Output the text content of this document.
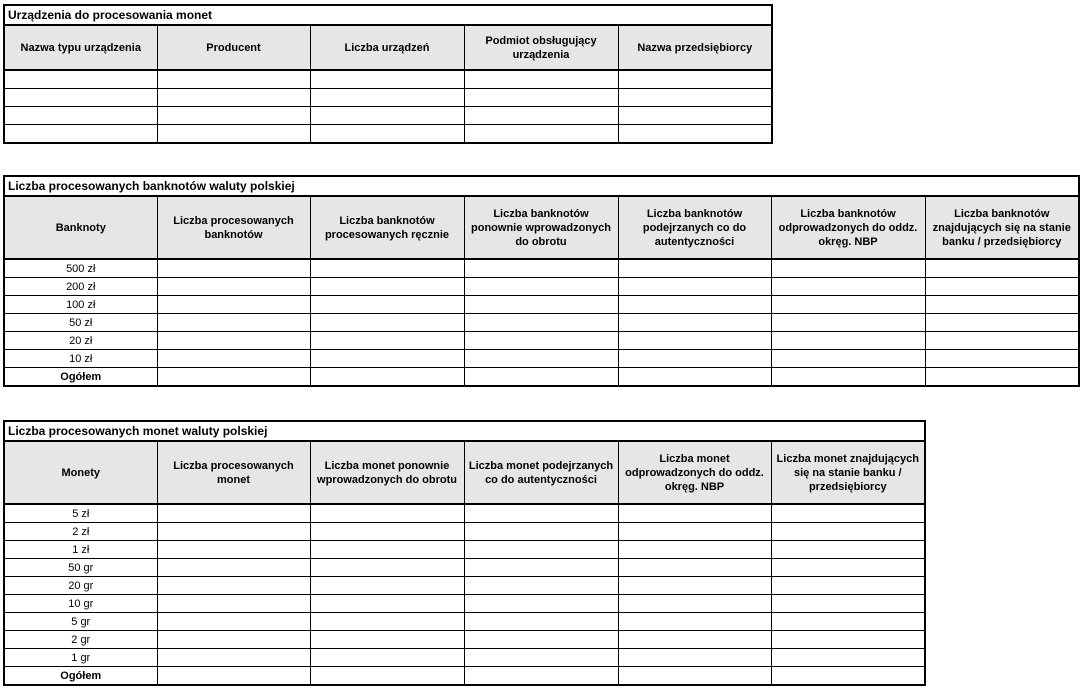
Urządzenia do procesowania monet				
Nazwa typu urządzenia	Producent	Liczba urządzeń	Podmiot obsługujący urządzenia	Nazwa przedsiębiorcy

Liczba procesowanych banknotów waluty polskiej						
Banknoty	Liczba procesowanych banknotów	Liczba banknotów procesowanych ręcznie	Liczba banknotów ponownie wprowadzonych do obrotu	Liczba banknotów podejrzanych co do autentyczności	Liczba banknotów odprowadzonych do oddz. okręg. NBP	Liczba banknotów znajdujących się na stanie banku / przedsiębiorcy
500 zł						
200 zł						
100 zł						
50 zł						
20 zł						
10 zł						
Ogółem						
Liczba procesowanych monet waluty polskiej					
Monety	Liczba procesowanych monet	Liczba monet ponownie wprowadzonych do obrotu	Liczba monet podejrzanych co do autentyczności	Liczba monet odprowadzonych do oddz. okręg. NBP	Liczba monet znajdujących się na stanie banku / przedsiębiorcy
5 zł					
2 zł					
1 zł					
50 gr					
20 gr					
10 gr					
5 gr					
2 gr					
1 gr					
Ogółem					
